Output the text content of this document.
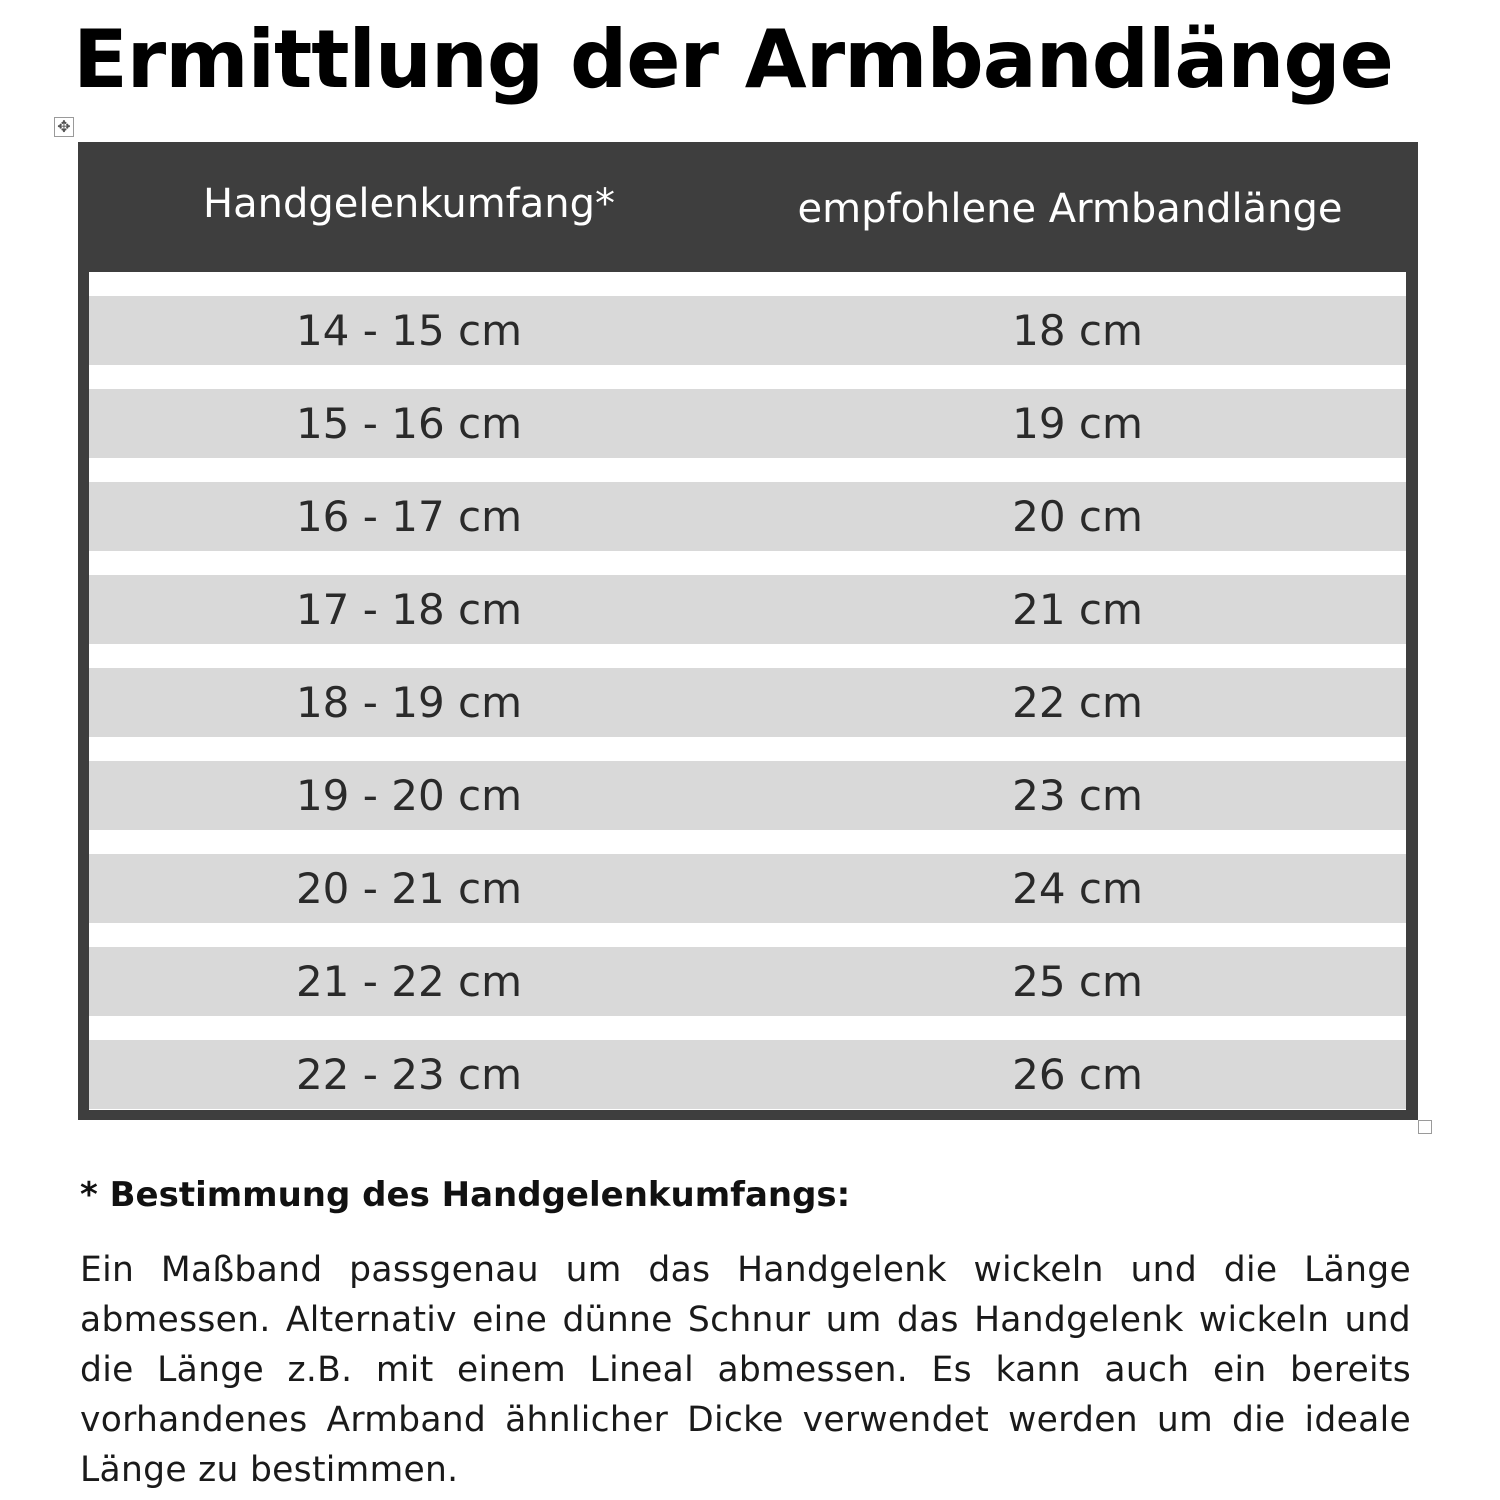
Ermittlung der Armbandlänge
✥
Handgelenkumfang*	empfohlene Armbandlänge
14 - 15 cm	18 cm
15 - 16 cm	19 cm
16 - 17 cm	20 cm
17 - 18 cm	21 cm
18 - 19 cm	22 cm
19 - 20 cm	23 cm
20 - 21 cm	24 cm
21 - 22 cm	25 cm
22 - 23 cm	26 cm
* Bestimmung des Handgelenkumfangs:
Ein Maßband passgenau um das Handgelenk wickeln und die Länge abmessen. Alternativ eine dünne Schnur um das Handgelenk wickeln und die Länge z.B. mit einem Lineal abmessen. Es kann auch ein bereits vorhandenes Armband ähnlicher Dicke verwendet werden um die ideale Länge zu bestimmen.
